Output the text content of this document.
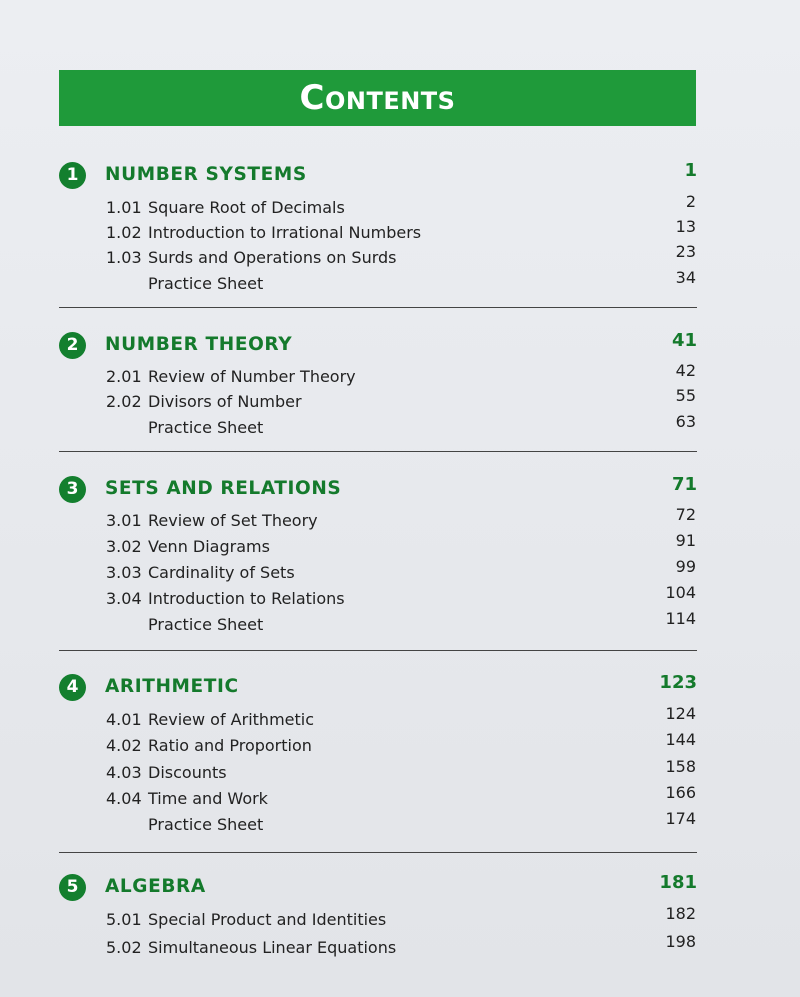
Contents
1	NUMBER SYSTEMS	1
1.01 Square Root of Decimals	2
1.02 Introduction to Irrational Numbers	13
1.03 Surds and Operations on Surds	23
Practice Sheet	34
2	NUMBER THEORY	41
2.01 Review of Number Theory	42
2.02 Divisors of Number	55
Practice Sheet	63
3	SETS AND RELATIONS	71
3.01 Review of Set Theory	72
3.02 Venn Diagrams	91
3.03 Cardinality of Sets	99
3.04 Introduction to Relations	104
Practice Sheet	114
4	ARITHMETIC	123
4.01 Review of Arithmetic	124
4.02 Ratio and Proportion	144
4.03 Discounts	158
4.04 Time and Work	166
Practice Sheet	174
5	ALGEBRA	181
5.01 Special Product and Identities	182
5.02 Simultaneous Linear Equations	198
